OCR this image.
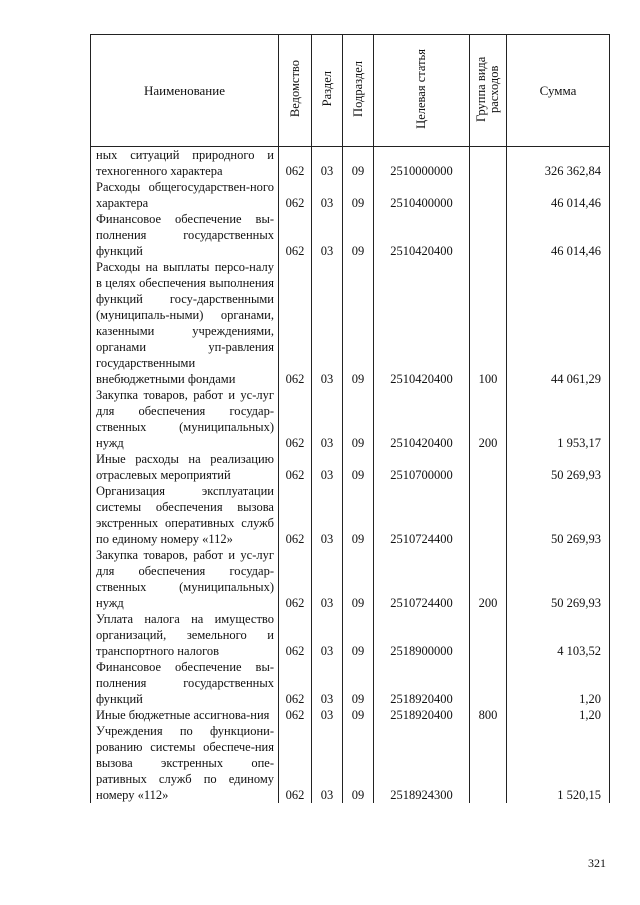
Наименование	Ведомство	Раздел	Подраздел	Целевая статья	Группа вида расходов	Сумма
ных ситуаций природного и техногенного характера	062	03	09	2510000000		326 362,84
Расходы общегосударствен-ного характера	062	03	09	2510400000		46 014,46
Финансовое обеспечение вы-полнения государственных функций	062	03	09	2510420400		46 014,46
Расходы на выплаты персо-налу в целях обеспечения выполнения функций госу-дарственными (муниципаль-ными) органами, казенными учреждениями, органами уп-равления государственными внебюджетными фондами	062	03	09	2510420400	100	44 061,29
Закупка товаров, работ и ус-луг для обеспечения государ-ственных (муниципальных) нужд	062	03	09	2510420400	200	1 953,17
Иные расходы на реализацию отраслевых мероприятий	062	03	09	2510700000		50 269,93
Организация эксплуатации системы обеспечения вызова экстренных оперативных служб по единому номеру «112»	062	03	09	2510724400		50 269,93
Закупка товаров, работ и ус-луг для обеспечения государ-ственных (муниципальных) нужд	062	03	09	2510724400	200	50 269,93
Уплата налога на имущество организаций, земельного и транспортного налогов	062	03	09	2518900000		4 103,52
Финансовое обеспечение вы-полнения государственных функций	062	03	09	2518920400		1,20
Иные бюджетные ассигнова-ния	062	03	09	2518920400	800	1,20
Учреждения по функциони-рованию системы обеспече-ния вызова экстренных опе-ративных служб по единому номеру «112»	062	03	09	2518924300		1 520,15
321
